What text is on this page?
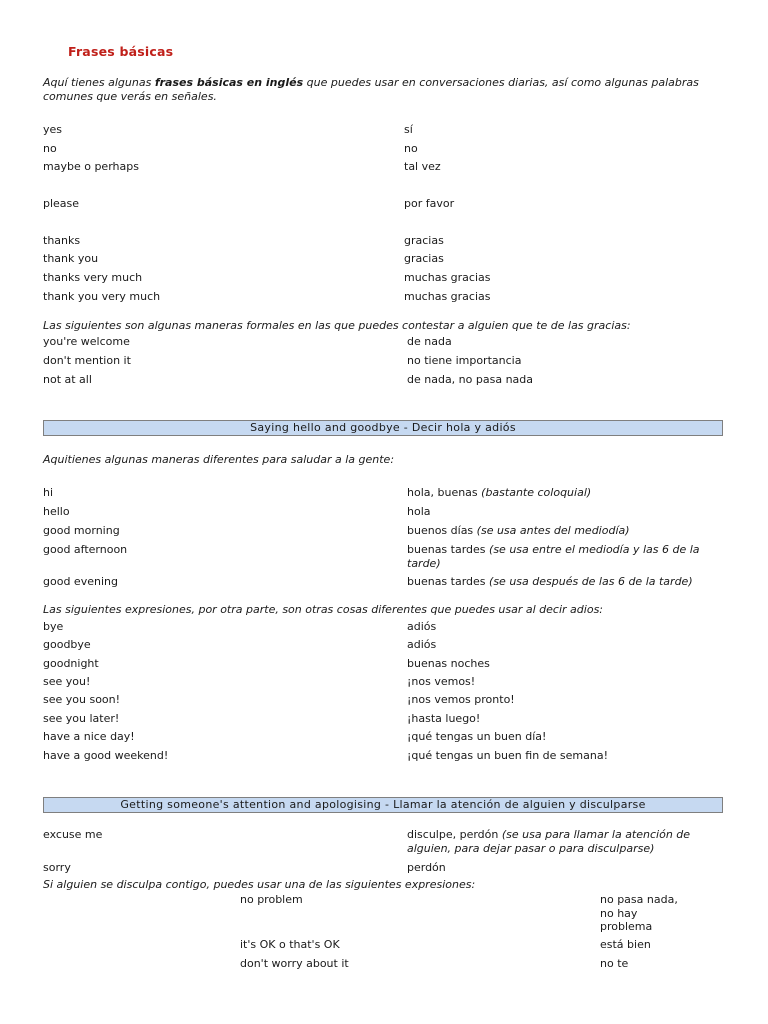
Frases básicas
Aquí tienes algunas frases básicas en inglés que puedes usar en conversaciones diarias, así como algunas palabras comunes que verás en señales.
yes	sí
no	no
maybe o perhaps	tal vez
please	por favor
thanks	gracias
thank you	gracias
thanks very much	muchas gracias
thank you very much	muchas gracias
Las siguientes son algunas maneras formales en las que puedes contestar a alguien que te de las gracias:
you're welcome	de nada
don't mention it	no tiene importancia
not at all	de nada, no pasa nada
Saying hello and goodbye - Decir hola y adiós
Aquitienes algunas maneras diferentes para saludar a la gente:
hi	hola, buenas (bastante coloquial)
hello	hola
good morning	buenos días (se usa antes del mediodía)
good afternoon	buenas tardes (se usa entre el mediodía y las 6 de la tarde)
good evening	buenas tardes (se usa después de las 6 de la tarde)
Las siguientes expresiones, por otra parte, son otras cosas diferentes que puedes usar al decir adios:
bye	adiós
goodbye	adiós
goodnight	buenas noches
see you!	¡nos vemos!
see you soon!	¡nos vemos pronto!
see you later!	¡hasta luego!
have a nice day!	¡qué tengas un buen día!
have a good weekend!	¡qué tengas un buen fin de semana!
Getting someone's attention and apologising - Llamar la atención de alguien y disculparse
excuse me	disculpe, perdón (se usa para llamar la atención de alguien, para dejar pasar o para disculparse)
sorry	perdón
Si alguien se disculpa contigo, puedes usar una de las siguientes expresiones:
no problem	no pasa nada, no hay problema
it's OK o that's OK	está bien
don't worry about it	no te
